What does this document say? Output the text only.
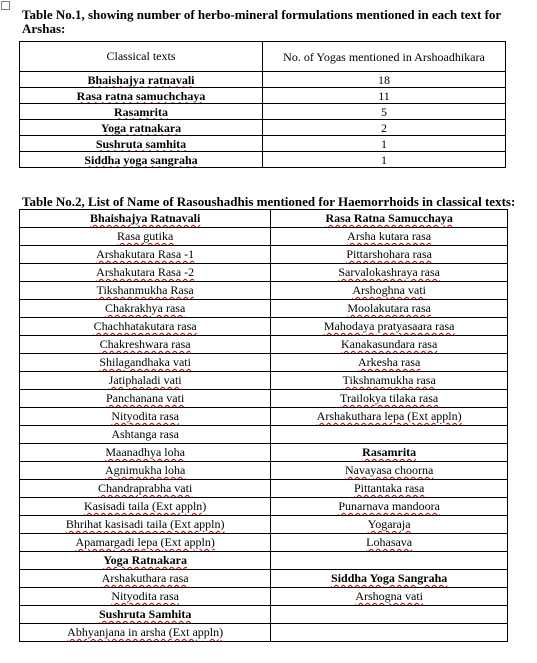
Table No.1, showing number of herbo-mineral formulations mentioned in each text for Arshas:

Classical texts	No. of Yogas mentioned in Arshoadhikara
Bhaishajya ratnavali	18
Rasa ratna samuchchaya	11
Rasamrita	5
Yoga ratnakara	2
Sushruta samhita	1
Siddha yoga sangraha	1

Table No.2, List of Name of Rasoushadhis mentioned for Haemorrhoids in classical texts:

Bhaishajya Ratnavali	Rasa Ratna Samucchaya
Rasa gutika	Arsha kutara rasa
Arshakutara Rasa -1	Pittarshohara rasa
Arshakutara Rasa -2	Sarvalokashraya rasa
Tikshanmukha Rasa	Arshoghna vati
Chakrakhya rasa	Moolakutara rasa
Chachhatakutara rasa	Mahodaya pratyasaara rasa
Chakreshwara rasa	Kanakasundara rasa
Shilagandhaka vati	Arkesha rasa
Jatiphaladi vati	Tikshnamukha rasa
Panchanana vati	Trailokya tilaka rasa
Nityodita rasa	Arshakuthara lepa (Ext appln)
Ashtanga rasa	
Maanadhya loha	Rasamrita
Agnimukha loha	Navayasa choorna
Chandraprabha vati	Pittantaka rasa
Kasisadi taila (Ext appln)	Punarnava mandoora
Bhrihat kasisadi taila (Ext appln)	Yogaraja
Apamargadi lepa (Ext appln)	Lohasava
Yoga Ratnakara	
Arshakuthara rasa	Siddha Yoga Sangraha
Nityodita rasa	Arshogna vati
Sushruta Samhita	
Abhyanjana in arsha (Ext appln)	
